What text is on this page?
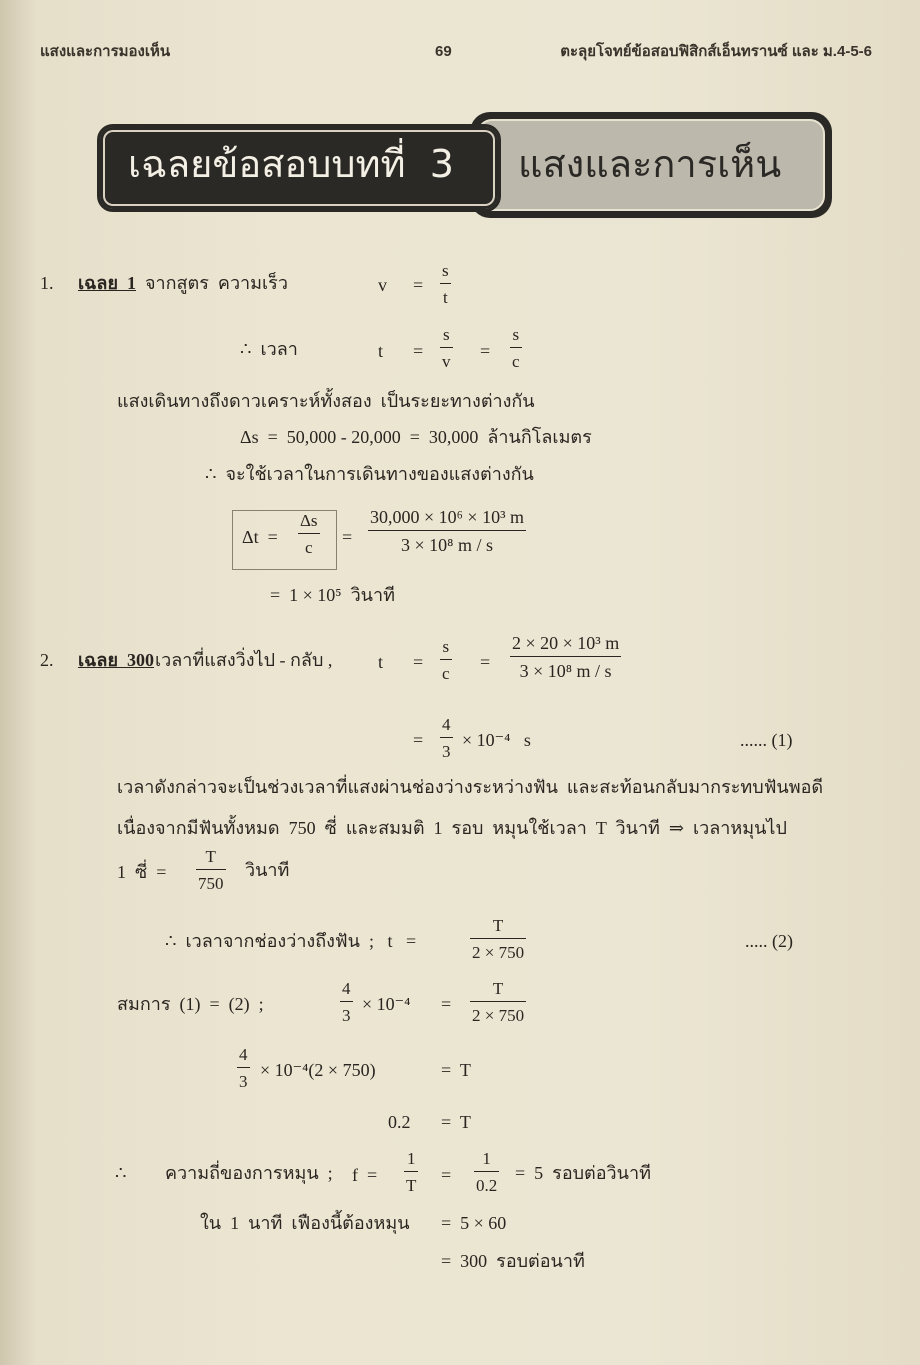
แสงและการมองเห็น	69	ตะลุยโจทย์ข้อสอบฟิสิกส์เอ็นทรานซ์ และ ม.4-5-6
เฉลยข้อสอบบทที่  3 แสงและการเห็น
1. เฉลย  1 จากสูตร  ความเร็ว	$v = \frac{s}{t}$
∴  เวลา	$t = \frac{s}{v} = \frac{s}{c}$
แสงเดินทางถึงดาวเคราะห์ทั้งสอง  เป็นระยะทางต่างกัน
Δs  =  50,000 - 20,000  =  30,000  ล้านกิโลเมตร
∴  จะใช้เวลาในการเดินทางของแสงต่างกัน
$\Delta t = \frac{\Delta s}{c} = \frac{\text{30,000 × 10⁶ × 10³ m}}{\text{3 × 10⁸ m / s}}$
=  1 × 10⁵  วินาที
2. เฉลย  300 เวลาที่แสงวิ่งไป - กลับ ,	$t = \frac{s}{c} = \frac{\text{2 × 20 × 10³ m}}{\text{3 × 10⁸ m / s}}$
= $\frac{4}{3} \times 10^{-4}$   s	...... (1)
เวลาดังกล่าวจะเป็นช่วงเวลาที่แสงผ่านช่องว่างระหว่างฟัน  และสะท้อนกลับมากระทบฟันพอดี
เนื่องจากมีฟันทั้งหมด  750  ซี่  และสมมติ  1  รอบ  หมุนใช้เวลา  T  วินาที  ⇒  เวลาหมุนไป
1  ซี่  = $\frac{T}{750}$ วินาที
∴  เวลาจากช่องว่างถึงฟัน  ;   t   =	$\frac{T}{2 \times 750}$	..... (2)
สมการ  (1)  =  (2)  ;	$\frac{4}{3} \times 10^{-4} = \frac{T}{2 \times 750}$
$\frac{4}{3} \times 10^{-4}(2 \times 750)$	=  T
0.2 =  T
∴ ความถี่ของการหมุน  ; $f = \frac{1}{T} = \frac{1}{0.2} = 5$  รอบต่อวินาที
ใน  1  นาที  เฟืองนี้ต้องหมุน =  5 × 60
=  300  รอบต่อนาที
